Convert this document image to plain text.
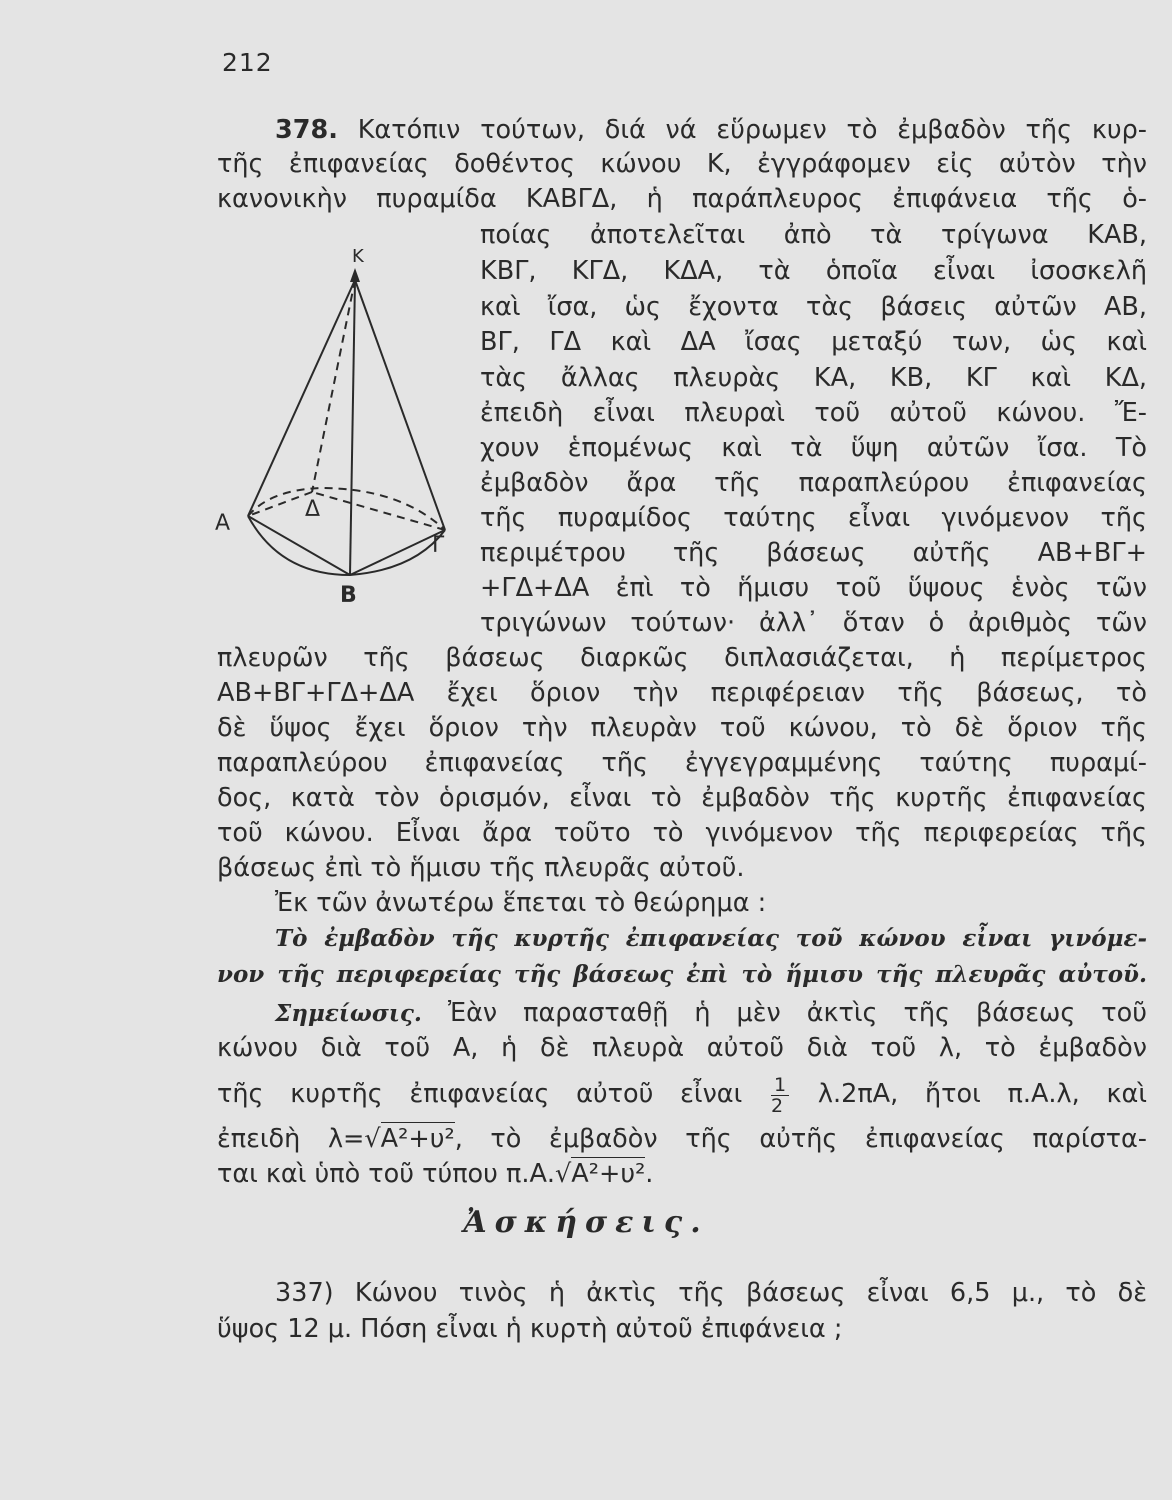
212
378. Κατόπιν τούτων, διά νά εὕρωμεν τὸ ἐμβαδὸν τῆς κυρ-
τῆς ἐπιφανείας δοθέντος κώνου Κ, ἐγγράφομεν εἰς αὐτὸν τὴν
κανονικὴν πυραμίδα ΚΑΒΓΔ, ἡ παράπλευρος ἐπιφάνεια τῆς ὁ-
ποίας ἀποτελεῖται ἀπὸ τὰ τρίγωνα ΚΑΒ,
ΚΒΓ, ΚΓΔ, ΚΔΑ, τὰ ὁποῖα εἶναι ἰσοσκελῆ
καὶ ἴσα, ὡς ἔχοντα τὰς βάσεις αὐτῶν ΑΒ,
ΒΓ, ΓΔ καὶ ΔΑ ἴσας μεταξύ των, ὡς καὶ
τὰς ἄλλας πλευρὰς ΚΑ, ΚΒ, ΚΓ καὶ ΚΔ,
ἐπειδὴ εἶναι πλευραὶ τοῦ αὐτοῦ κώνου. Ἔ-
χουν ἑπομένως καὶ τὰ ὕψη αὐτῶν ἴσα. Τὸ
ἐμβαδὸν ἄρα τῆς παραπλεύρου ἐπιφανείας
τῆς πυραμίδος ταύτης εἶναι γινόμενον τῆς
περιμέτρου τῆς βάσεως αὐτῆς ΑΒ+ΒΓ+
+ΓΔ+ΔΑ ἐπὶ τὸ ἥμισυ τοῦ ὕψους ἑνὸς τῶν
τριγώνων τούτων· ἀλλ᾽ ὅταν ὁ ἀριθμὸς τῶν
πλευρῶν τῆς βάσεως διαρκῶς διπλασιάζεται, ἡ περίμετρος
ΑΒ+ΒΓ+ΓΔ+ΔΑ ἔχει ὅριον τὴν περιφέρειαν τῆς βάσεως, τὸ
δὲ ὕψος ἔχει ὅριον τὴν πλευρὰν τοῦ κώνου, τὸ δὲ ὅριον τῆς
παραπλεύρου ἐπιφανείας τῆς ἐγγεγραμμένης ταύτης πυραμί-
δος, κατὰ τὸν ὁρισμόν, εἶναι τὸ ἐμβαδὸν τῆς κυρτῆς ἐπιφανείας
τοῦ κώνου. Εἶναι ἄρα τοῦτο τὸ γινόμενον τῆς περιφερείας τῆς
βάσεως ἐπὶ τὸ ἥμισυ τῆς πλευρᾶς αὐτοῦ.
Ἐκ τῶν ἀνωτέρω ἕπεται τὸ θεώρημα :
Τὸ ἐμβαδὸν τῆς κυρτῆς ἐπιφανείας τοῦ κώνου εἶναι γινόμε-
νον τῆς περιφερείας τῆς βάσεως ἐπὶ τὸ ἥμισυ τῆς πλευρᾶς αὐτοῦ.
Σημείωσις. Ἐὰν παρασταθῇ ἡ μὲν ἀκτὶς τῆς βάσεως τοῦ
κώνου διὰ τοῦ Α, ἡ δὲ πλευρὰ αὐτοῦ διὰ τοῦ λ, τὸ ἐμβαδὸν
τῆς κυρτῆς ἐπιφανείας αὐτοῦ εἶναι $\frac{1}{2} \lambda.2\pi A$, ἤτοι π.Α.λ, καὶ
ἐπειδὴ λ=√Α²+υ², τὸ ἐμβαδὸν τῆς αὐτῆς ἐπιφανείας παρίστα-
ται καὶ ὑπὸ τοῦ τύπου π.Α.√Α²+υ².
Ἀσκήσεις.
337) Κώνου τινὸς ἡ ἀκτὶς τῆς βάσεως εἶναι 6,5 μ., τὸ δὲ
ὕψος 12 μ. Πόση εἶναι ἡ κυρτὴ αὐτοῦ ἐπιφάνεια ;
Κ
Α
Β
Γ
Δ
